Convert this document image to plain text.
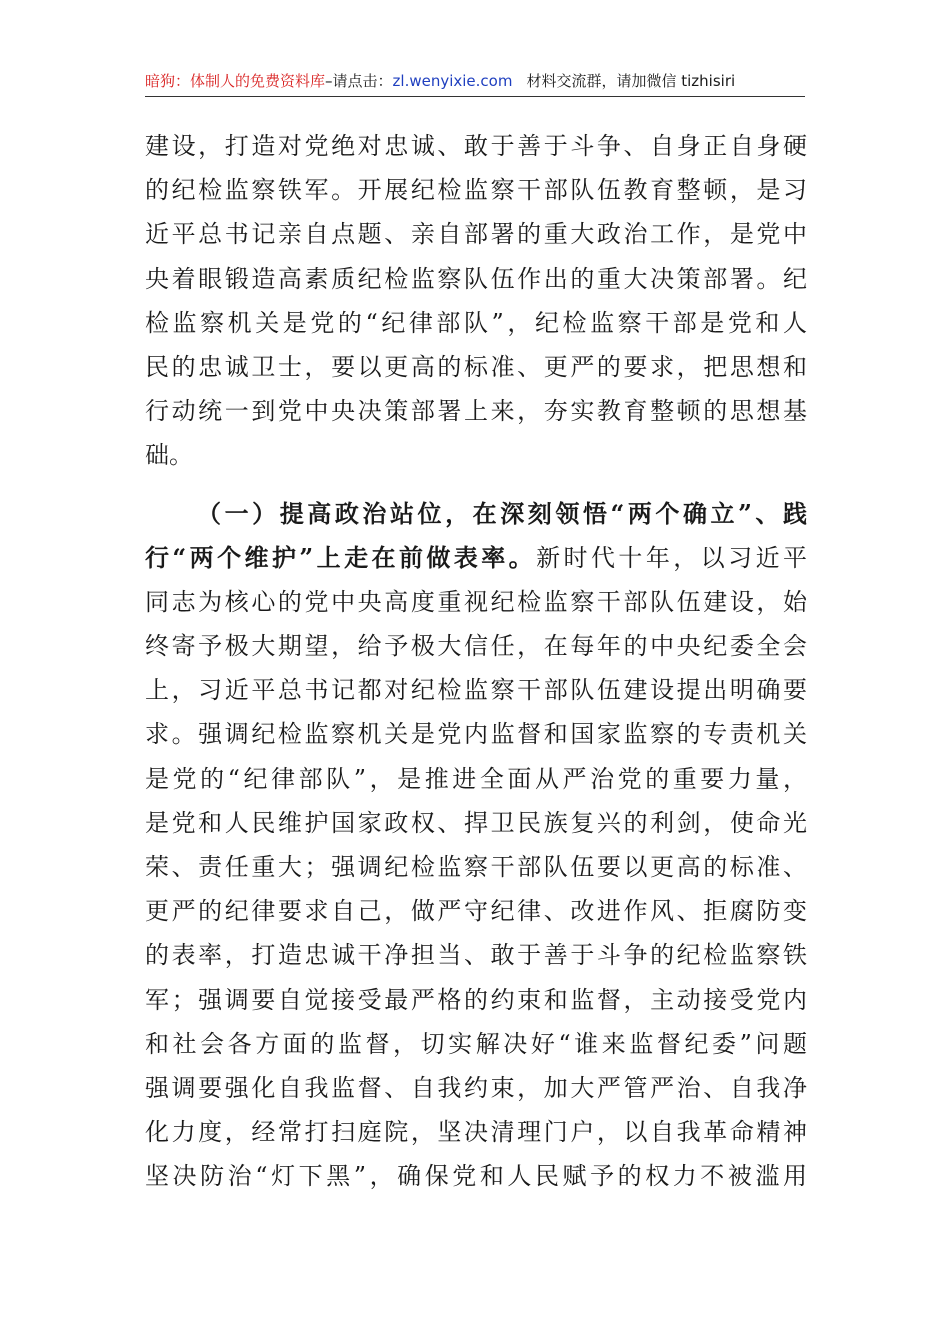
暗狗：体制人的免费资料库–请点击：zl.wenyixie.com 材料交流群，请加微信 tizhisiri
建设，打造对党绝对忠诚、敢于善于斗争、自身正自身硬
的纪检监察铁军。开展纪检监察干部队伍教育整顿，是习
近平总书记亲自点题、亲自部署的重大政治工作，是党中
央着眼锻造高素质纪检监察队伍作出的重大决策部署。纪
检监察机关是党的“纪律部队”，纪检监察干部是党和人
民的忠诚卫士，要以更高的标准、更严的要求，把思想和
行动统一到党中央决策部署上来，夯实教育整顿的思想基
础。
（一）提高政治站位，在深刻领悟“两个确立”、践
行“两个维护”上走在前做表率。新时代十年，以习近平
同志为核心的党中央高度重视纪检监察干部队伍建设，始
终寄予极大期望，给予极大信任，在每年的中央纪委全会
上，习近平总书记都对纪检监察干部队伍建设提出明确要
求。强调纪检监察机关是党内监督和国家监察的专责机关
是党的“纪律部队”，是推进全面从严治党的重要力量，
是党和人民维护国家政权、捍卫民族复兴的利剑，使命光
荣、责任重大；强调纪检监察干部队伍要以更高的标准、
更严的纪律要求自己，做严守纪律、改进作风、拒腐防变
的表率，打造忠诚干净担当、敢于善于斗争的纪检监察铁
军；强调要自觉接受最严格的约束和监督，主动接受党内
和社会各方面的监督，切实解决好“谁来监督纪委”问题
强调要强化自我监督、自我约束，加大严管严治、自我净
化力度，经常打扫庭院，坚决清理门户，以自我革命精神
坚决防治“灯下黑”，确保党和人民赋予的权力不被滥用
